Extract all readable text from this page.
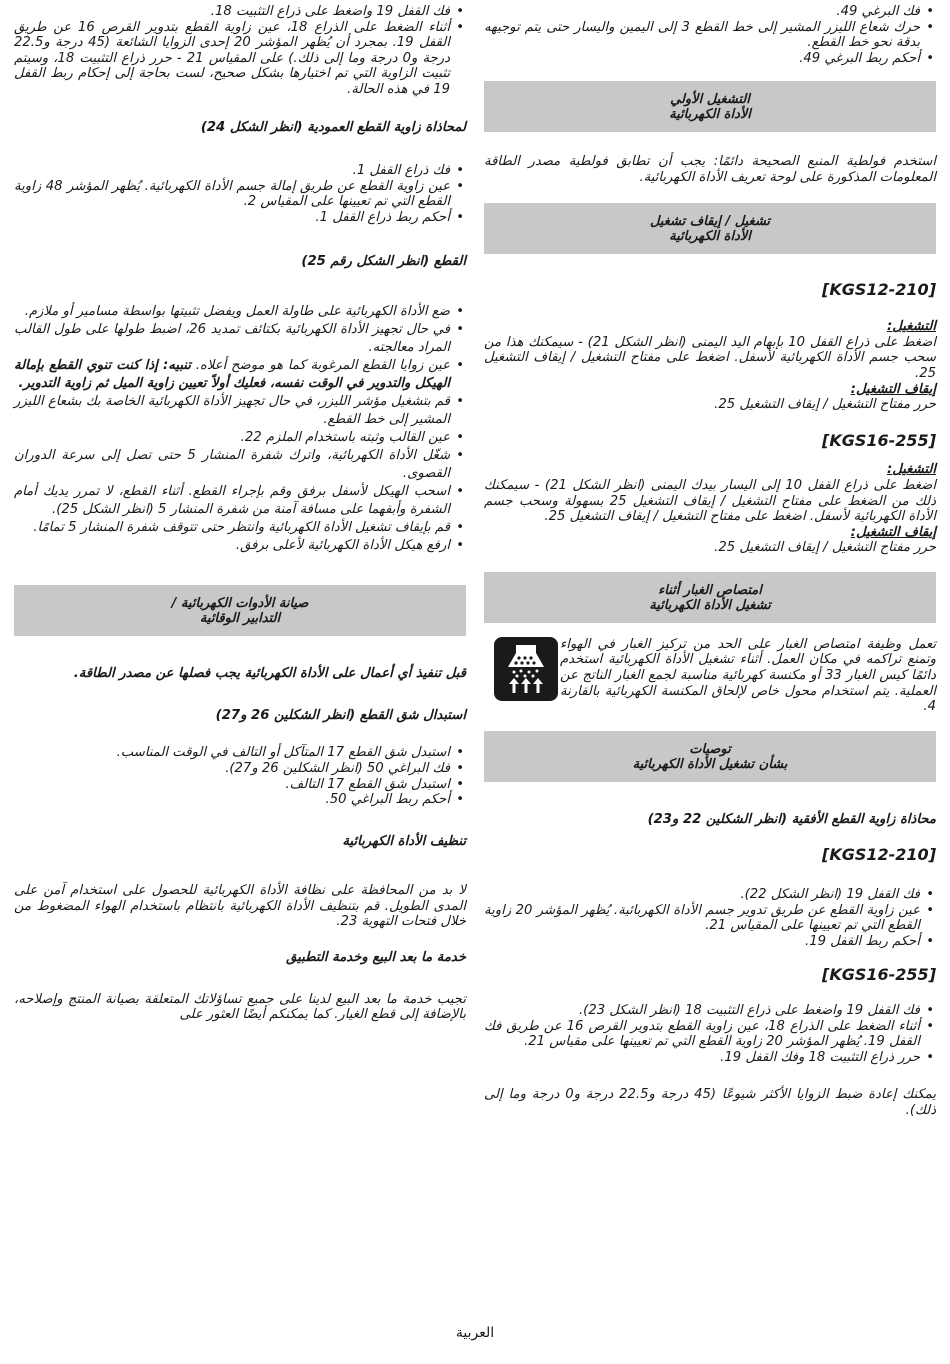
• فك البرغي 49.
• حرك شعاع الليزر المشير إلى خط القطع 3 إلى اليمين واليسار حتى يتم توجيهه بدقة نحو خط القطع.
• أحكم ربط البرغي 49.
التشغيل الأولي
الأداة الكهربائية

استخدم فولطية المنبع الصحيحة دائمًا: يجب أن تطابق فولطية مصدر الطاقة المعلومات المذكورة على لوحة تعريف الأداة الكهربائية.

تشغيل / إيقاف تشغيل
الأداة الكهربائية

[KGS12-210]

التشغيل:

اضغط على ذراع القفل 10 بإبهام اليد اليمنى (انظر الشكل 21) - سيمكنك هذا من سحب جسم الأداة الكهربائية لأسفل. اضغط على مفتاح التشغيل / إيقاف التشغيل 25.

إيقاف التشغيل:

حرر مفتاح التشغيل / إيقاف التشغيل 25.

[KGS16-255]

التشغيل:

اضغط على ذراع القفل 10 إلى اليسار بيدك اليمنى (انظر الشكل 21) - سيمكنك ذلك من الضغط على مفتاح التشغيل / إيقاف التشغيل 25 بسهولة وسحب جسم الأداة الكهربائية لأسفل. اضغط على مفتاح التشغيل / إيقاف التشغيل 25.

إيقاف التشغيل:

حرر مفتاح التشغيل / إيقاف التشغيل 25.

امتصاص الغبار أثناء
تشغيل الأداة الكهربائية

تعمل وظيفة امتصاص الغبار على الحد من تركيز الغبار في الهواء وتمنع تراكمه في مكان العمل. أثناء تشغيل الأداة الكهربائية استخدم دائمًا كيس الغبار 33 أو مكنسة كهربائية مناسبة لجمع الغبار الناتج عن العملية. يتم استخدام محول خاص لإلحاق المكنسة الكهربائية بالقارنة 4.

توصيات
بشأن تشغيل الأداة الكهربائية

محاذاة زاوية القطع الأفقية (انظر الشكلين 22 و23)

[KGS12-210]

• فك القفل 19 (انظر الشكل 22).
• عين زاوية القطع عن طريق تدوير جسم الأداة الكهربائية. يُظهر المؤشر 20 زاوية القطع التي تم تعيينها على المقياس 21.
• أحكم ربط القفل 19.

[KGS16-255]

• فك القفل 19 واضغط على ذراع التثبيت 18 (انظر الشكل 23).
• أثناء الضغط على الذراع 18، عين زاوية القطع بتدوير القرص 16 عن طريق فك القفل 19. يُظهر المؤشر 20 زاوية القطع التي تم تعيينها على مقياس 21.
• حرر ذراع التثبيت 18 وفك القفل 19.

يمكنك إعادة ضبط الزوايا الأكثر شيوعًا (45 درجة و22.5 درجة و0 درجة وما إلى ذلك).

• فك القفل 19 واضغط على ذراع التثبيت 18.
• أثناء الضغط على الذراع 18، عين زاوية القطع بتدوير القرص 16 عن طريق القفل 19. بمجرد أن يُظهر المؤشر 20 إحدى الزوايا الشائعة (45 درجة و22.5 درجة و0 درجة وما إلى ذلك.) على المقياس 21 - حرر ذراع التثبيت 18، وسيتم تثبيت الزاوية التي تم اختيارها بشكل صحيح، لست بحاجة إلى إحكام ربط القفل 19 في هذه الحالة.

لمحاذاة زاوية القطع العمودية (انظر الشكل 24)

• فك ذراع القفل 1.
• عين زاوية القطع عن طريق إمالة جسم الأداة الكهربائية. يُظهر المؤشر 48 زاوية القطع التي تم تعيينها على المقياس 2.
• أحكم ربط ذراع القفل 1.

القطع (انظر الشكل رقم 25)

• ضع الأداة الكهربائية على طاولة العمل ويفضل تثبيتها بواسطة مسامير أو ملازم.
• في حال تجهيز الأداة الكهربائية بكتائف تمديد 26، اضبط طولها على طول القالب المراد معالجته.
• عين زوايا القطع المرغوبة كما هو موضح أعلاه. تنبيه: إذا كنت تنوي القطع بإمالة الهيكل والتدوير في الوقت نفسه، فعليك أولاً تعيين زاوية الميل ثم زاوية التدوير.
• قم بتشغيل مؤشر الليزر، في حال تجهيز الأداة الكهربائية الخاصة بك بشعاع الليزر المشير إلى خط القطع.
• عين القالب وثبته باستخدام الملزم 22.
• شغّل الأداة الكهربائية، واترك شفرة المنشار 5 حتى تصل إلى سرعة الدوران القصوى.
• اسحب الهيكل لأسفل برفق وقم بإجراء القطع. أثناء القطع، لا تمرر يديك أمام الشفرة وأبقهما على مسافة آمنة من شفرة المنشار 5 (انظر الشكل 25).
• قم بإيقاف تشغيل الأداة الكهربائية وانتظر حتى تتوقف شفرة المنشار 5 تمامًا.
• ارفع هيكل الأداة الكهربائية لأعلى برفق.
صيانة الأدوات الكهربائية /
التدابير الوقائية

قبل تنفيذ أي أعمال على الأداة الكهربائية يجب فصلها عن مصدر الطاقة.

استبدال شق القطع (انظر الشكلين 26 و27)

• استبدل شق القطع 17 المتآكل أو التالف في الوقت المناسب.
• فك البراغي 50 (انظر الشكلين 26 و27).
• استبدل شق القطع 17 التالف.
• أحكم ربط البراغي 50.

تنظيف الأداة الكهربائية

لا بد من المحافظة على نظافة الأداة الكهربائية للحصول على استخدام آمن على المدى الطويل. قم بتنظيف الأداة الكهربائية بانتظام باستخدام الهواء المضغوط من خلال فتحات التهوية 23.

خدمة ما بعد البيع وخدمة التطبيق

تجيب خدمة ما بعد البيع لدينا على جميع تساؤلاتك المتعلقة بصيانة المنتج وإصلاحه، بالإضافة إلى قطع الغيار. كما يمكنكم أيضًا العثور على

العربية
